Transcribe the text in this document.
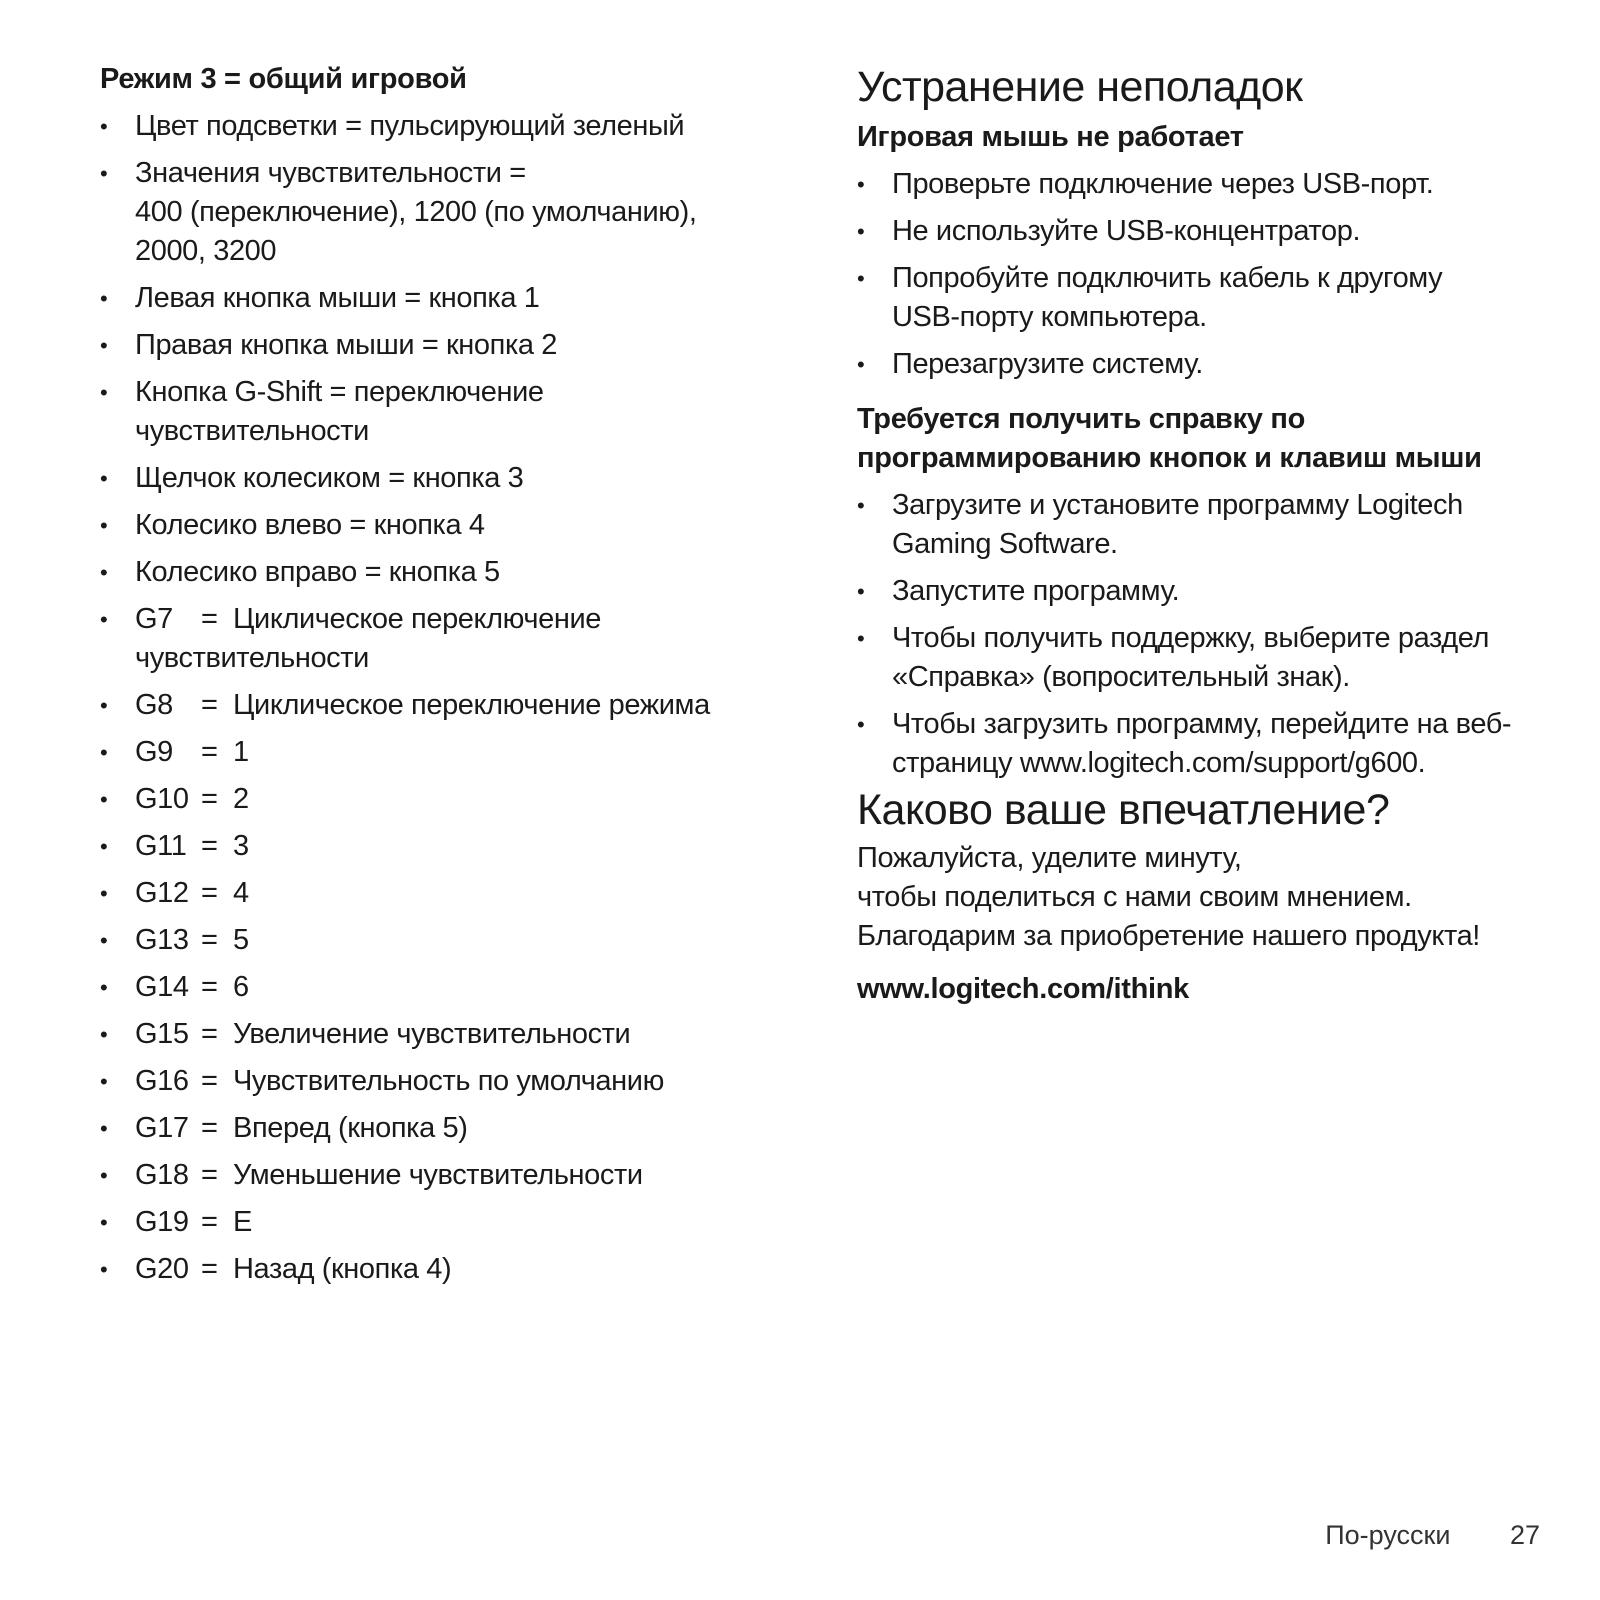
Режим 3 = общий игровой
• Цвет подсветки = пульсирующий зеленый
• Значения чувствительности =
400 (переключение), 1200 (по умолчанию),
2000, 3200
• Левая кнопка мыши = кнопка 1
• Правая кнопка мыши = кнопка 2
• Кнопка G-Shift = переключение
чувствительности
• Щелчок колесиком = кнопка 3
• Колесико влево = кнопка 4
• Колесико вправо = кнопка 5
• G7 = Циклическое переключение чувствительности
• G8 = Циклическое переключение режима
• G9 = 1
• G10 = 2
• G11 = 3
• G12 = 4
• G13 = 5
• G14 = 6
• G15 = Увеличение чувствительности
• G16 = Чувствительность по умолчанию
• G17 = Вперед (кнопка 5)
• G18 = Уменьшение чувствительности
• G19 = E
• G20 = Назад (кнопка 4)
Устранение неполадок
Игровая мышь не работает
• Проверьте подключение через USB-порт.
• Не используйте USB-концентратор.
• Попробуйте подключить кабель к другому
USB-порту компьютера.
• Перезагрузите систему.
Требуется получить справку по
программированию кнопок и клавиш мыши
• Загрузите и установите программу Logitech
Gaming Software.
• Запустите программу.
• Чтобы получить поддержку, выберите раздел
«Справка» (вопросительный знак).
• Чтобы загрузить программу, перейдите на веб-
страницу www.logitech.com/support/g600.
Каково ваше впечатление?

Пожалуйста, уделите минуту,
чтобы поделиться с нами своим мнением.
Благодарим за приобретение нашего продукта!

www.logitech.com/ithink
По-русски 27
